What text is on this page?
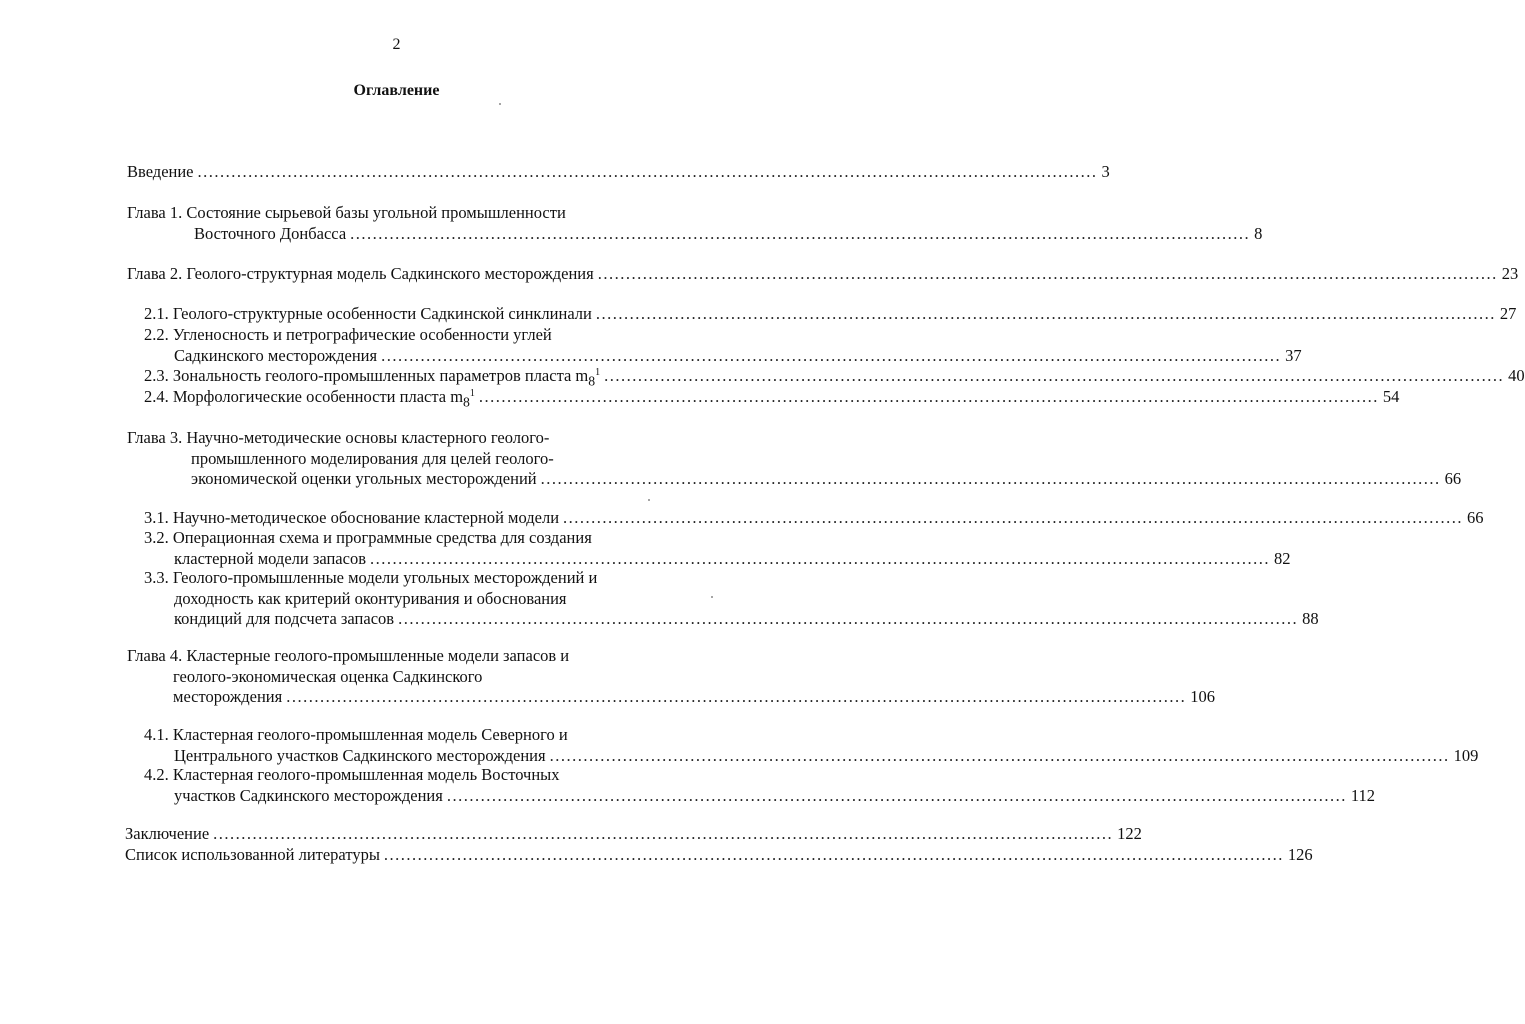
2
Оглавление
Введение ................................................................................................................................................................ 3
Глава 1. Состояние сырьевой базы угольной промышленности
Восточного Донбасса ................................................................................................................................................................ 8
Глава 2. Геолого-структурная модель Садкинского месторождения ................................................................................................................................................................ 23
2.1. Геолого-структурные особенности Садкинской синклинали ................................................................................................................................................................ 27
2.2. Угленосность и петрографические особенности углей
Садкинского месторождения ................................................................................................................................................................ 37
2.3. Зональность геолого-промышленных параметров пласта $m_8^1$ ................................................................................................................................................................ 40
2.4. Морфологические особенности пласта $m_8^1$ ................................................................................................................................................................ 54
Глава 3. Научно-методические основы кластерного геолого-
промышленного моделирования для целей геолого-
экономической оценки угольных месторождений ................................................................................................................................................................ 66
3.1. Научно-методическое обоснование кластерной модели ................................................................................................................................................................ 66
3.2. Операционная схема и программные средства для создания
кластерной модели запасов ................................................................................................................................................................ 82
3.3. Геолого-промышленные модели угольных месторождений и
доходность как критерий оконтуривания и обоснования
кондиций для подсчета запасов ................................................................................................................................................................ 88
Глава 4. Кластерные геолого-промышленные модели запасов и
геолого-экономическая оценка Садкинского
месторождения ................................................................................................................................................................ 106
4.1. Кластерная геолого-промышленная модель Северного и
Центрального участков Садкинского месторождения ................................................................................................................................................................ 109
4.2. Кластерная геолого-промышленная модель Восточных
участков Садкинского месторождения ................................................................................................................................................................ 112
Заключение ................................................................................................................................................................ 122
Список использованной литературы ................................................................................................................................................................ 126
